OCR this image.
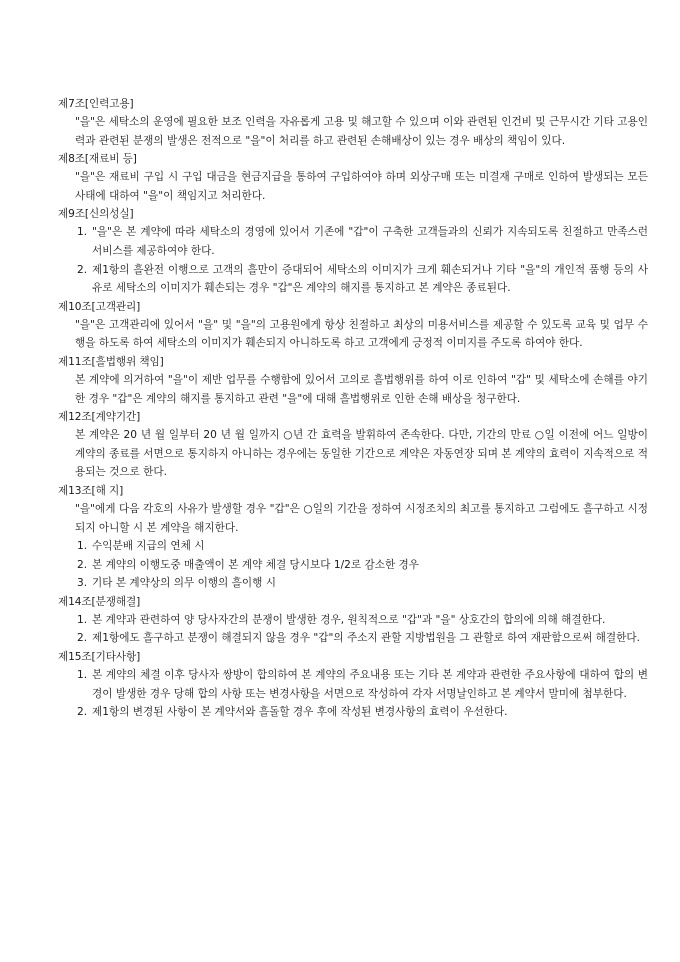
제7조[인력고용]
"을"은 세탁소의 운영에 필요한 보조 인력을 자유롭게 고용 및 해고할 수 있으며 이와 관련된 인건비 및 근무시간 기타 고용인력과 관련된 분쟁의 발생은 전적으로 "을"이 처리를 하고 관련된 손해배상이 있는 경우 배상의 책임이 있다.
제8조[재료비 등]
"을"은 재료비 구입 시 구입 대금을 현금지급을 통하여 구입하여야 하며 외상구매 또는 미결재 구매로 인하여 발생되는 모든 사태에 대하여 "을"이 책임지고 처리한다.
제9조[신의성실]
1. "을"은 본 계약에 따라 세탁소의 경영에 있어서 기존에 "갑"이 구축한 고객들과의 신뢰가 지속되도록 친절하고 만족스런 서비스를 제공하여야 한다.
2. 제1항의 흘완전 이행으로 고객의 흘만이 증대되어 세탁소의 이미지가 크게 훼손되거나 기타 "을"의 개인적 품행 등의 사유로 세탁소의 이미지가 훼손되는 경우 "갑"은 계약의 해지를 통지하고 본 계약은 종료된다.
제10조[고객관리]
"을"은 고객관리에 있어서 "을" 및 "을"의 고용원에게 항상 친절하고 최상의 미용서비스를 제공할 수 있도록 교육 및 업무 수행을 하도록 하여 세탁소의 이미지가 훼손되지 아니하도록 하고 고객에게 긍정적 이미지를 주도록 하여야 한다.
제11조[흘법행위 책임]
본 계약에 의거하여 "을"이 제반 업무를 수행함에 있어서 고의로 흘법행위를 하여 이로 인하여 "갑" 및 세탁소에 손해를 야기한 경우 "갑"은 계약의 해지를 통지하고 관련 "을"에 대해 흘법행위로 인한 손해 배상을 청구한다.
제12조[계약기간]
본 계약은 20 년 월 일부터 20 년 월 일까지 ○년 간 효력을 발휘하여 존속한다. 다만, 기간의 만료 ○일 이전에 어느 일방이 계약의 종료를 서면으로 통지하지 아니하는 경우에는 동일한 기간으로 계약은 자동연장 되며 본 계약의 효력이 지속적으로 적용되는 것으로 한다.
제13조[해 지]
"을"에게 다음 각호의 사유가 발생할 경우 "갑"은 ○일의 기간을 정하여 시정조치의 최고를 통지하고 그럼에도 흘구하고 시정되지 아니할 시 본 계약을 해지한다.
1. 수익분배 지급의 연체 시
2. 본 계약의 이행도중 매출액이 본 계약 체결 당시보다 1/2로 감소한 경우
3. 기타 본 계약상의 의무 이행의 흘이행 시
제14조[분쟁해결]
1. 본 계약과 관련하여 양 당사자간의 분쟁이 발생한 경우, 원칙적으로 "갑"과 "을" 상호간의 합의에 의해 해결한다.
2. 제1항에도 흘구하고 분쟁이 해결되지 않을 경우 "갑"의 주소지 관할 지방법원을 그 관할로 하여 재판함으로써 해결한다.
제15조[기타사항]
1. 본 계약의 체결 이후 당사자 쌍방이 합의하여 본 계약의 주요내용 또는 기타 본 계약과 관련한 주요사항에 대하여 합의 변경이 발생한 경우 당해 합의 사항 또는 변경사항을 서면으로 작성하여 각자 서명날인하고 본 계약서 말미에 첨부한다.
2. 제1항의 변경된 사항이 본 계약서와 흘돌할 경우 후에 작성된 변경사항의 효력이 우선한다.
